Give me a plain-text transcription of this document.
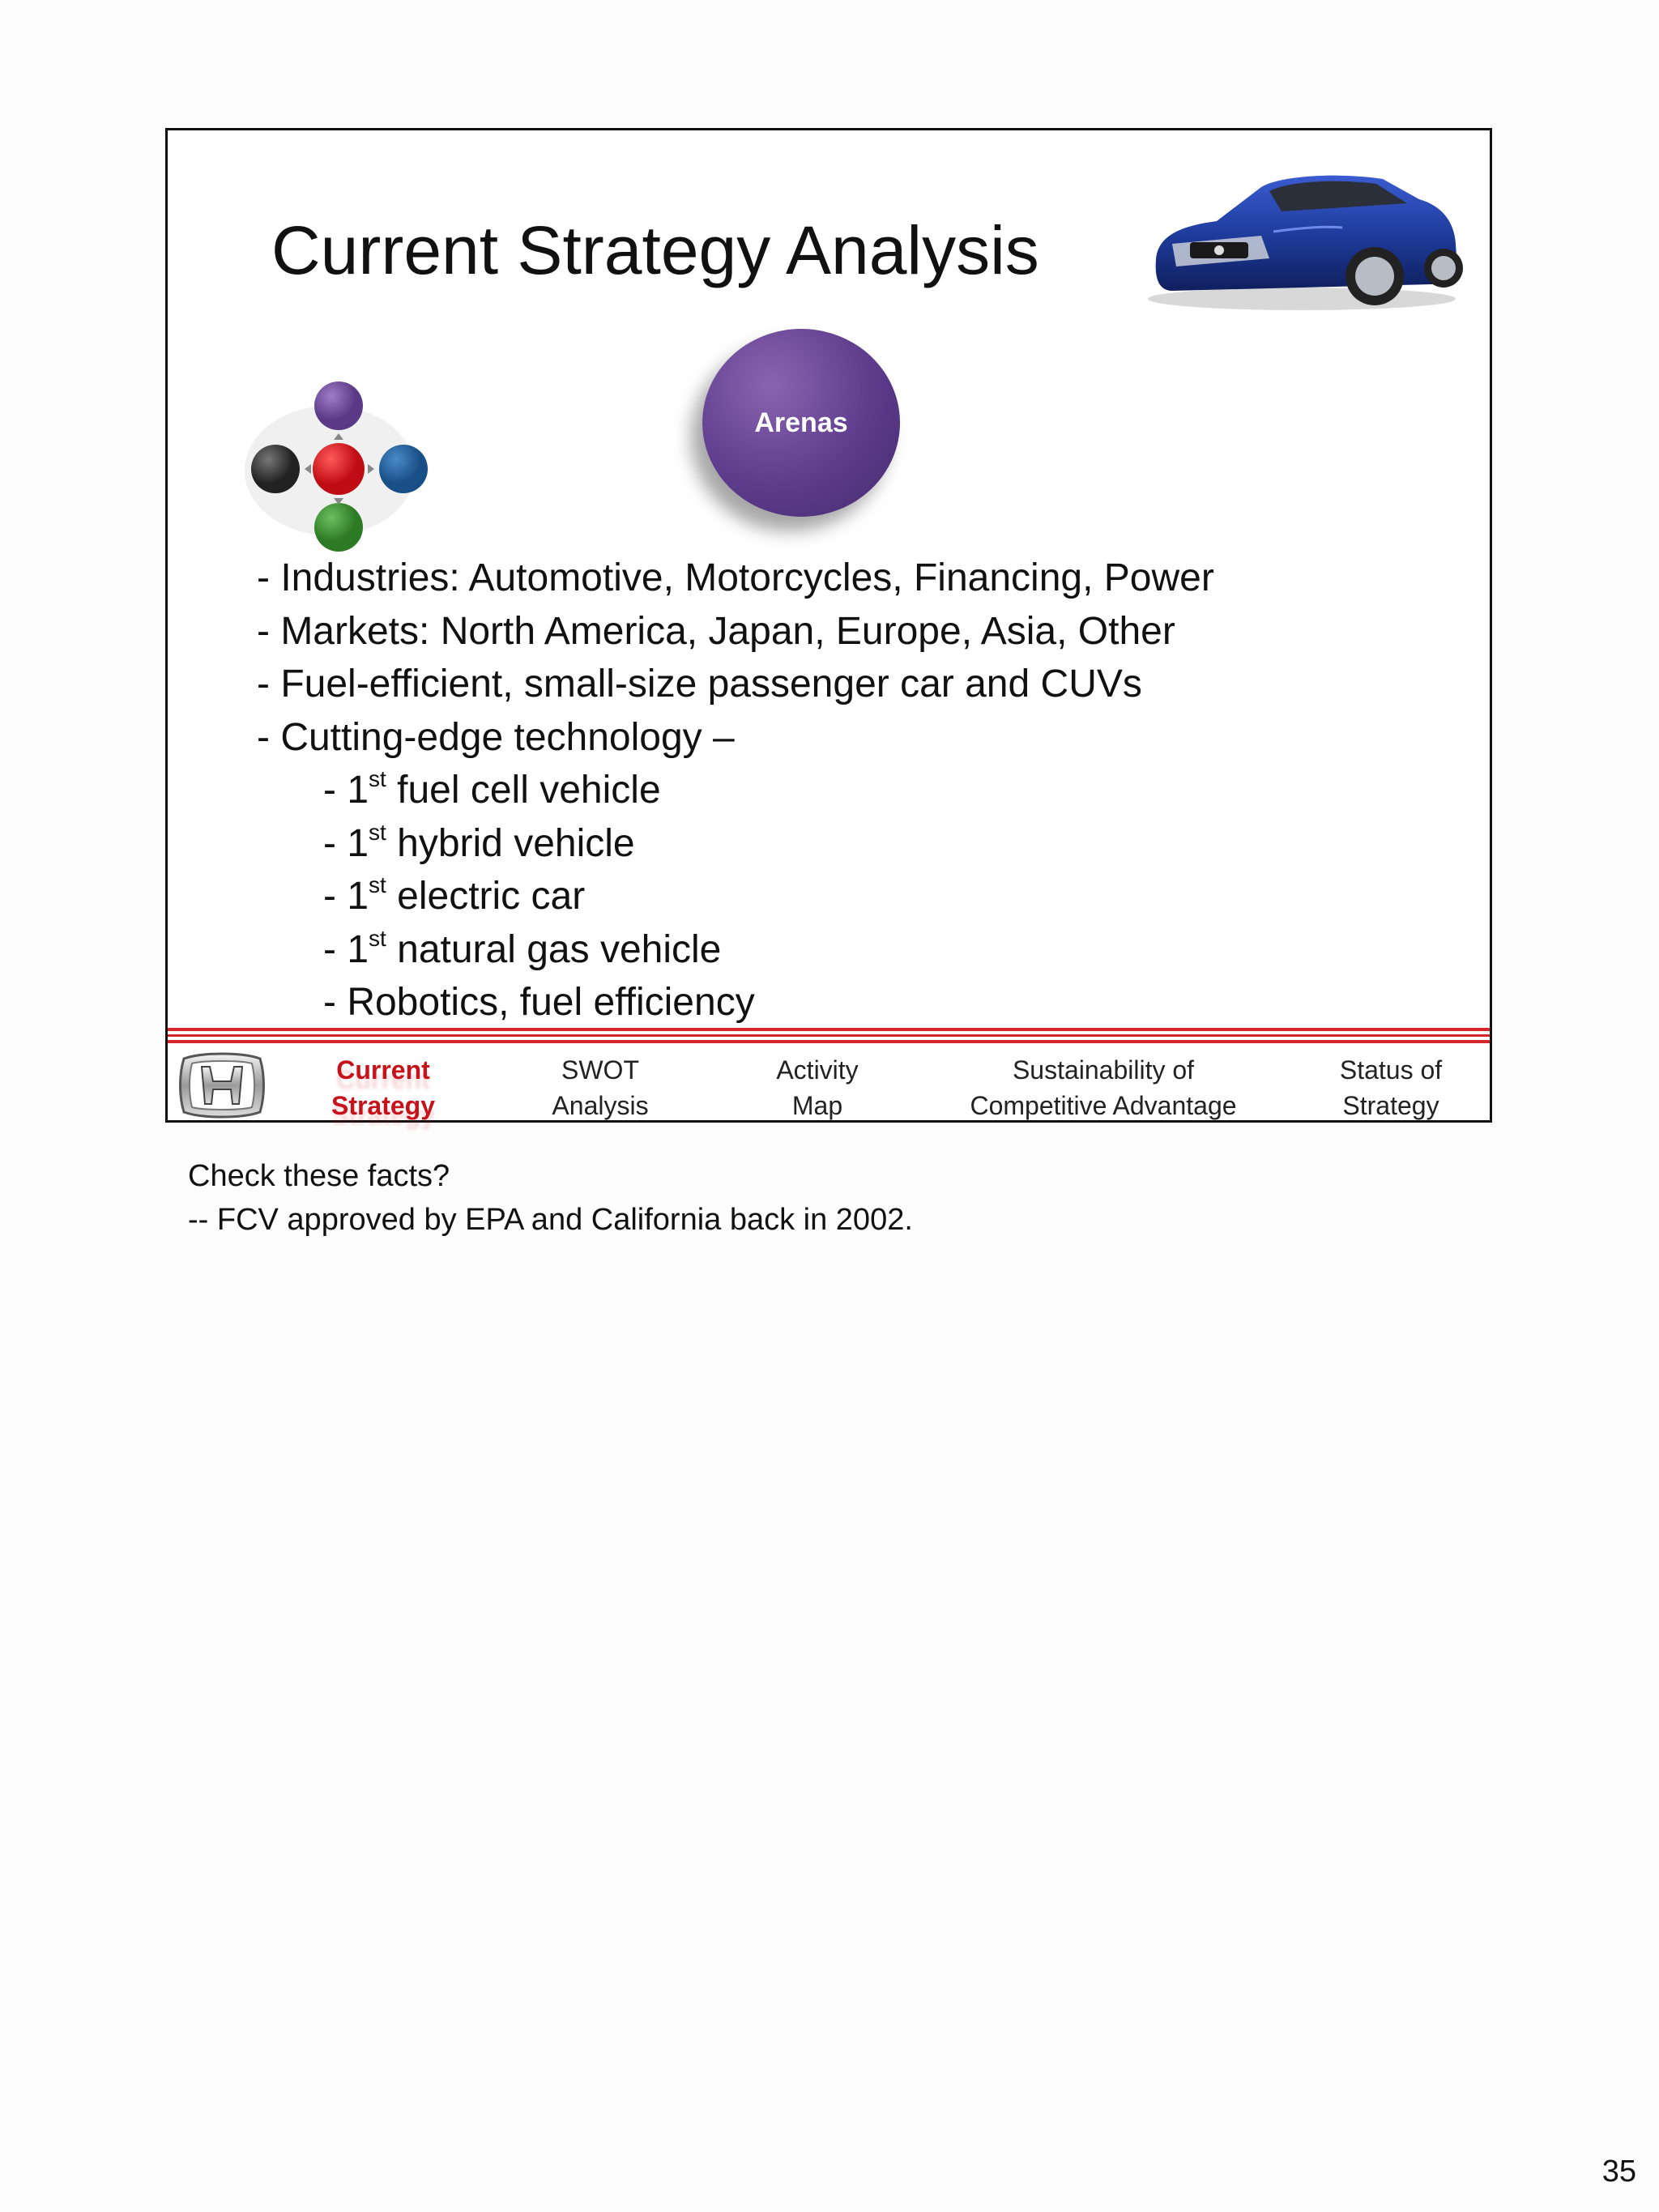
Current Strategy Analysis
Arenas
- Industries: Automotive, Motorcycles, Financing, Power
- Markets: North America, Japan, Europe, Asia, Other
- Fuel-efficient, small-size passenger car and CUVs
- Cutting-edge technology –
- 1st fuel cell vehicle
- 1st hybrid vehicle
- 1st electric car
- 1st natural gas vehicle
- Robotics, fuel efficiency
Current
Strategy
SWOT
Analysis
Activity
Map
Sustainability of
Competitive Advantage
Status of
Strategy
Check these facts?
-- FCV approved by EPA and California back in 2002.
35
